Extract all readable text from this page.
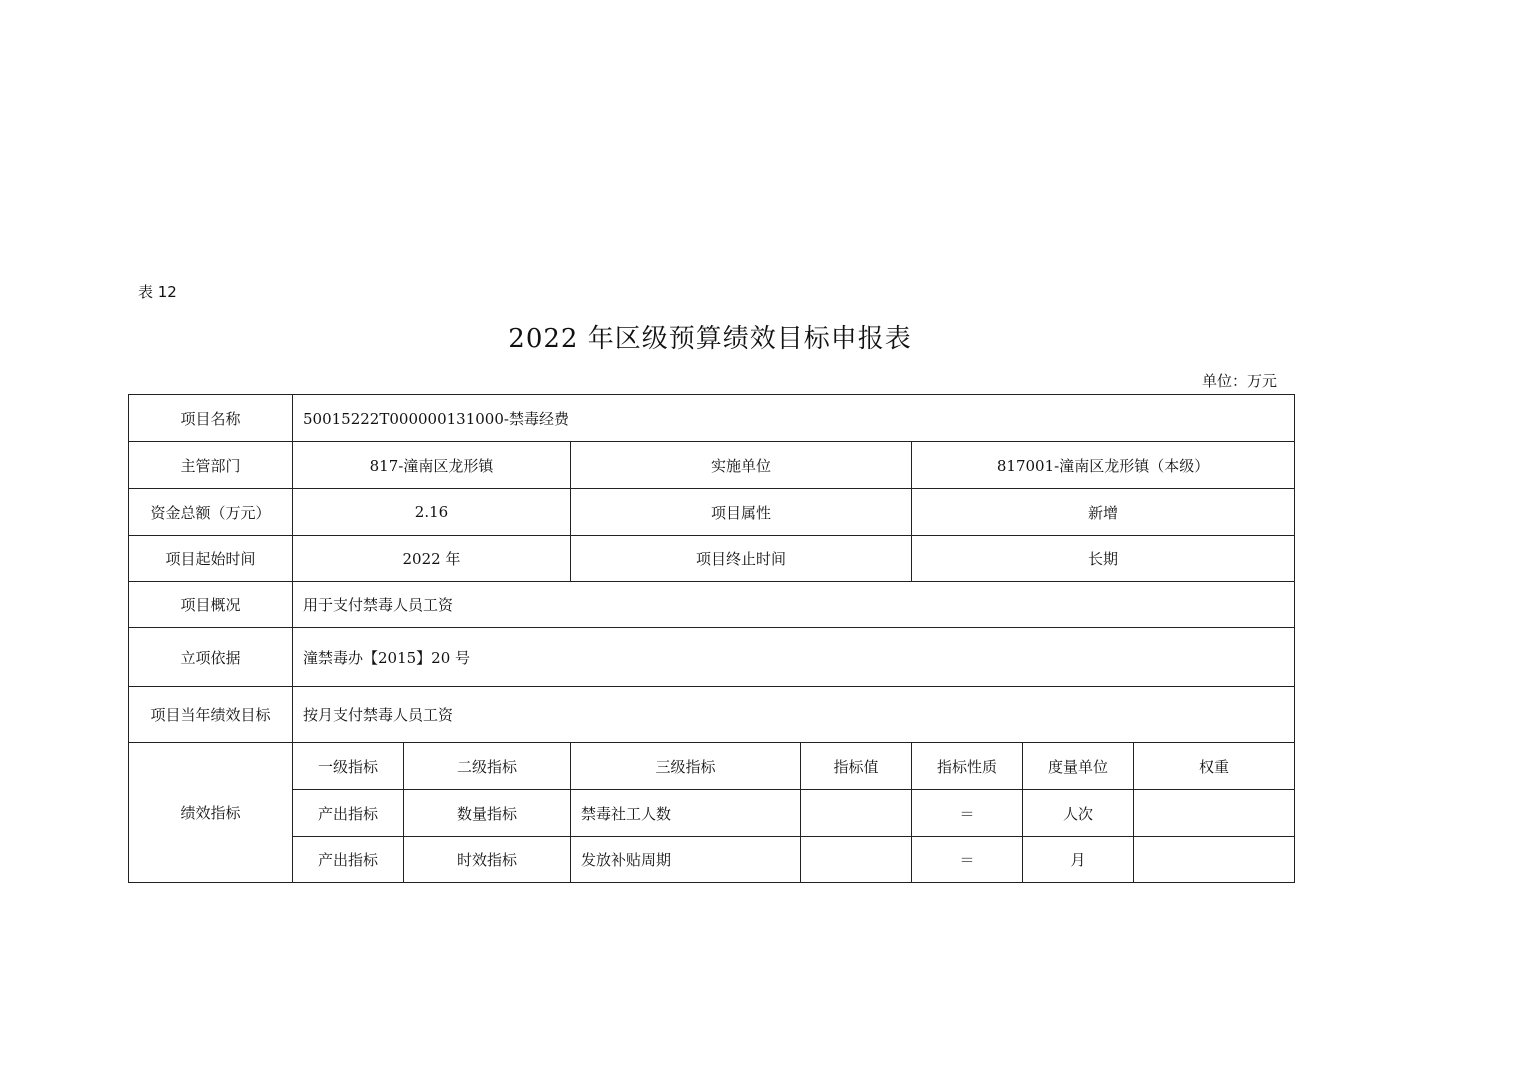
表 12
2022 年区级预算绩效目标申报表
单位：万元
项目名称	50015222T000000131000-禁毒经费						
主管部门	817-潼南区龙形镇		实施单位		817001-潼南区龙形镇（本级）		
资金总额（万元）	2.16		项目属性		新增		
项目起始时间	2022 年		项目终止时间		长期		
项目概况	用于支付禁毒人员工资						
立项依据	潼禁毒办【2015】20 号						
项目当年绩效目标	按月支付禁毒人员工资						
绩效指标	一级指标	二级指标	三级指标	指标值	指标性质	度量单位	权重
	产出指标	数量指标	禁毒社工人数		＝	人次	
	产出指标	时效指标	发放补贴周期		＝	月	
